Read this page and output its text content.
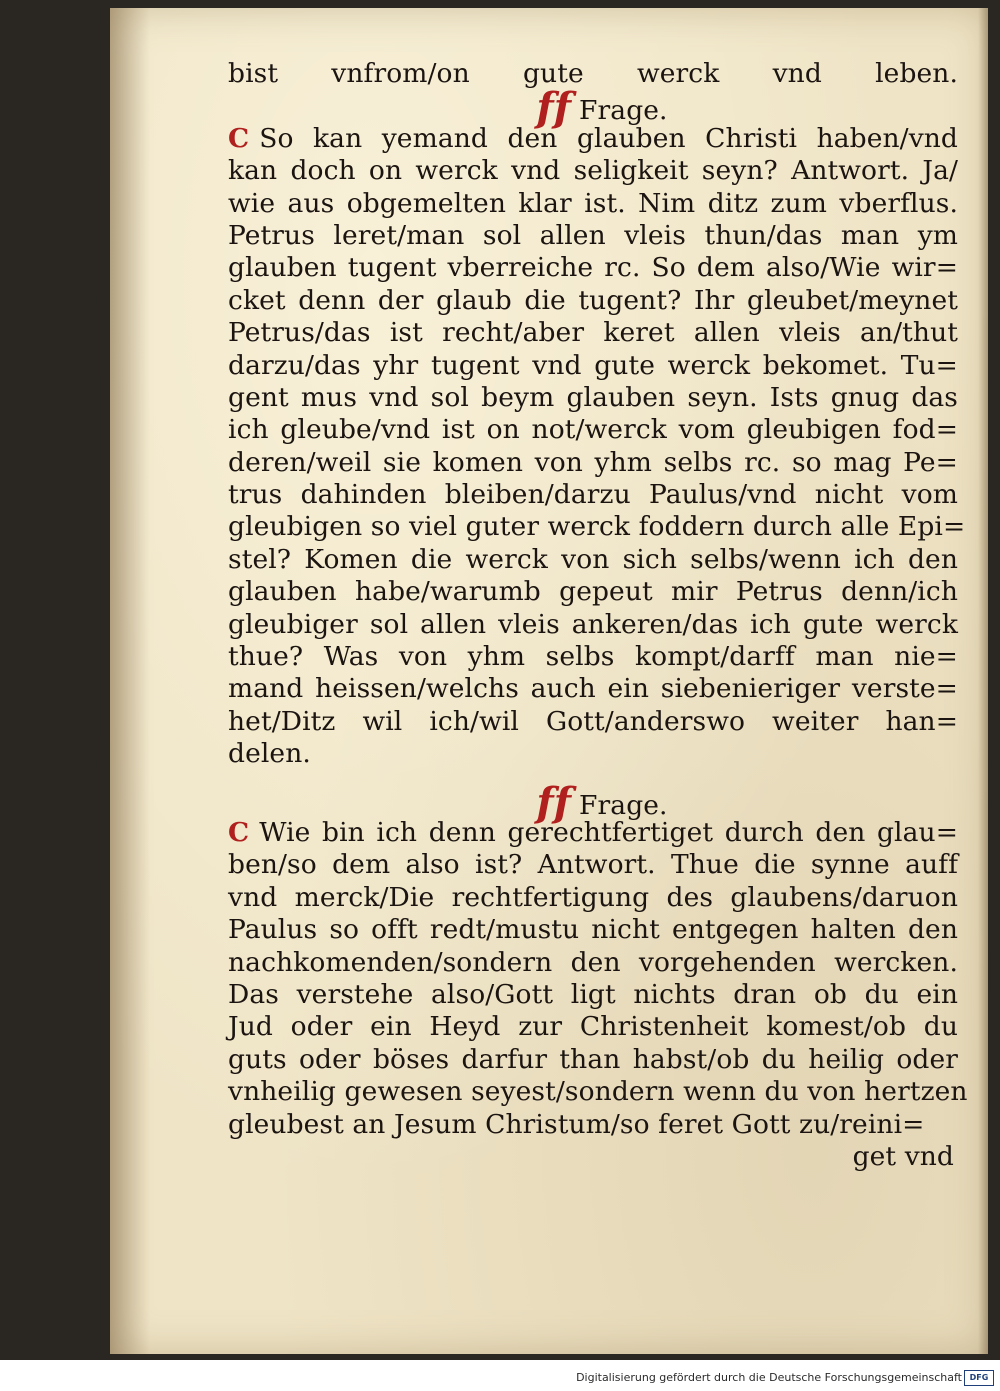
bist vnfrom/on gute werck vnd leben.
ff Frage.
C So kan yemand den glauben Christi haben/vnd
kan doch on werck vnd seligkeit seyn? Antwort. Ja/
wie aus obgemelten klar ist. Nim ditz zum vberflus.
Petrus leret/man sol allen vleis thun/das man ym
glauben tugent vberreiche rc. So dem also/Wie wir=
cket denn der glaub die tugent? Ihr gleubet/meynet
Petrus/das ist recht/aber keret allen vleis an/thut
darzu/das yhr tugent vnd gute werck bekomet. Tu=
gent mus vnd sol beym glauben seyn. Ists gnug das
ich gleube/vnd ist on not/werck vom gleubigen fod=
deren/weil sie komen von yhm selbs rc. so mag Pe=
trus dahinden bleiben/darzu Paulus/vnd nicht vom
gleubigen so viel guter werck foddern durch alle Epi=
stel? Komen die werck von sich selbs/wenn ich den
glauben habe/warumb gepeut mir Petrus denn/ich
gleubiger sol allen vleis ankeren/das ich gute werck
thue? Was von yhm selbs kompt/darff man nie=
mand heissen/welchs auch ein siebenieriger verste=
het/Ditz wil ich/wil Gott/anderswo weiter han=
delen.
ff Frage.
C Wie bin ich denn gerechtfertiget durch den glau=
ben/so dem also ist? Antwort. Thue die synne auff
vnd merck/Die rechtfertigung des glaubens/daruon
Paulus so offt redt/mustu nicht entgegen halten den
nachkomenden/sondern den vorgehenden wercken.
Das verstehe also/Gott ligt nichts dran ob du ein
Jud oder ein Heyd zur Christenheit komest/ob du
guts oder böses darfur than habst/ob du heilig oder
vnheilig gewesen seyest/sondern wenn du von hertzen
gleubest an Jesum Christum/so feret Gott zu/reini=
get vnd
Digitalisierung gefördert durch die Deutsche Forschungsgemeinschaft DFG
